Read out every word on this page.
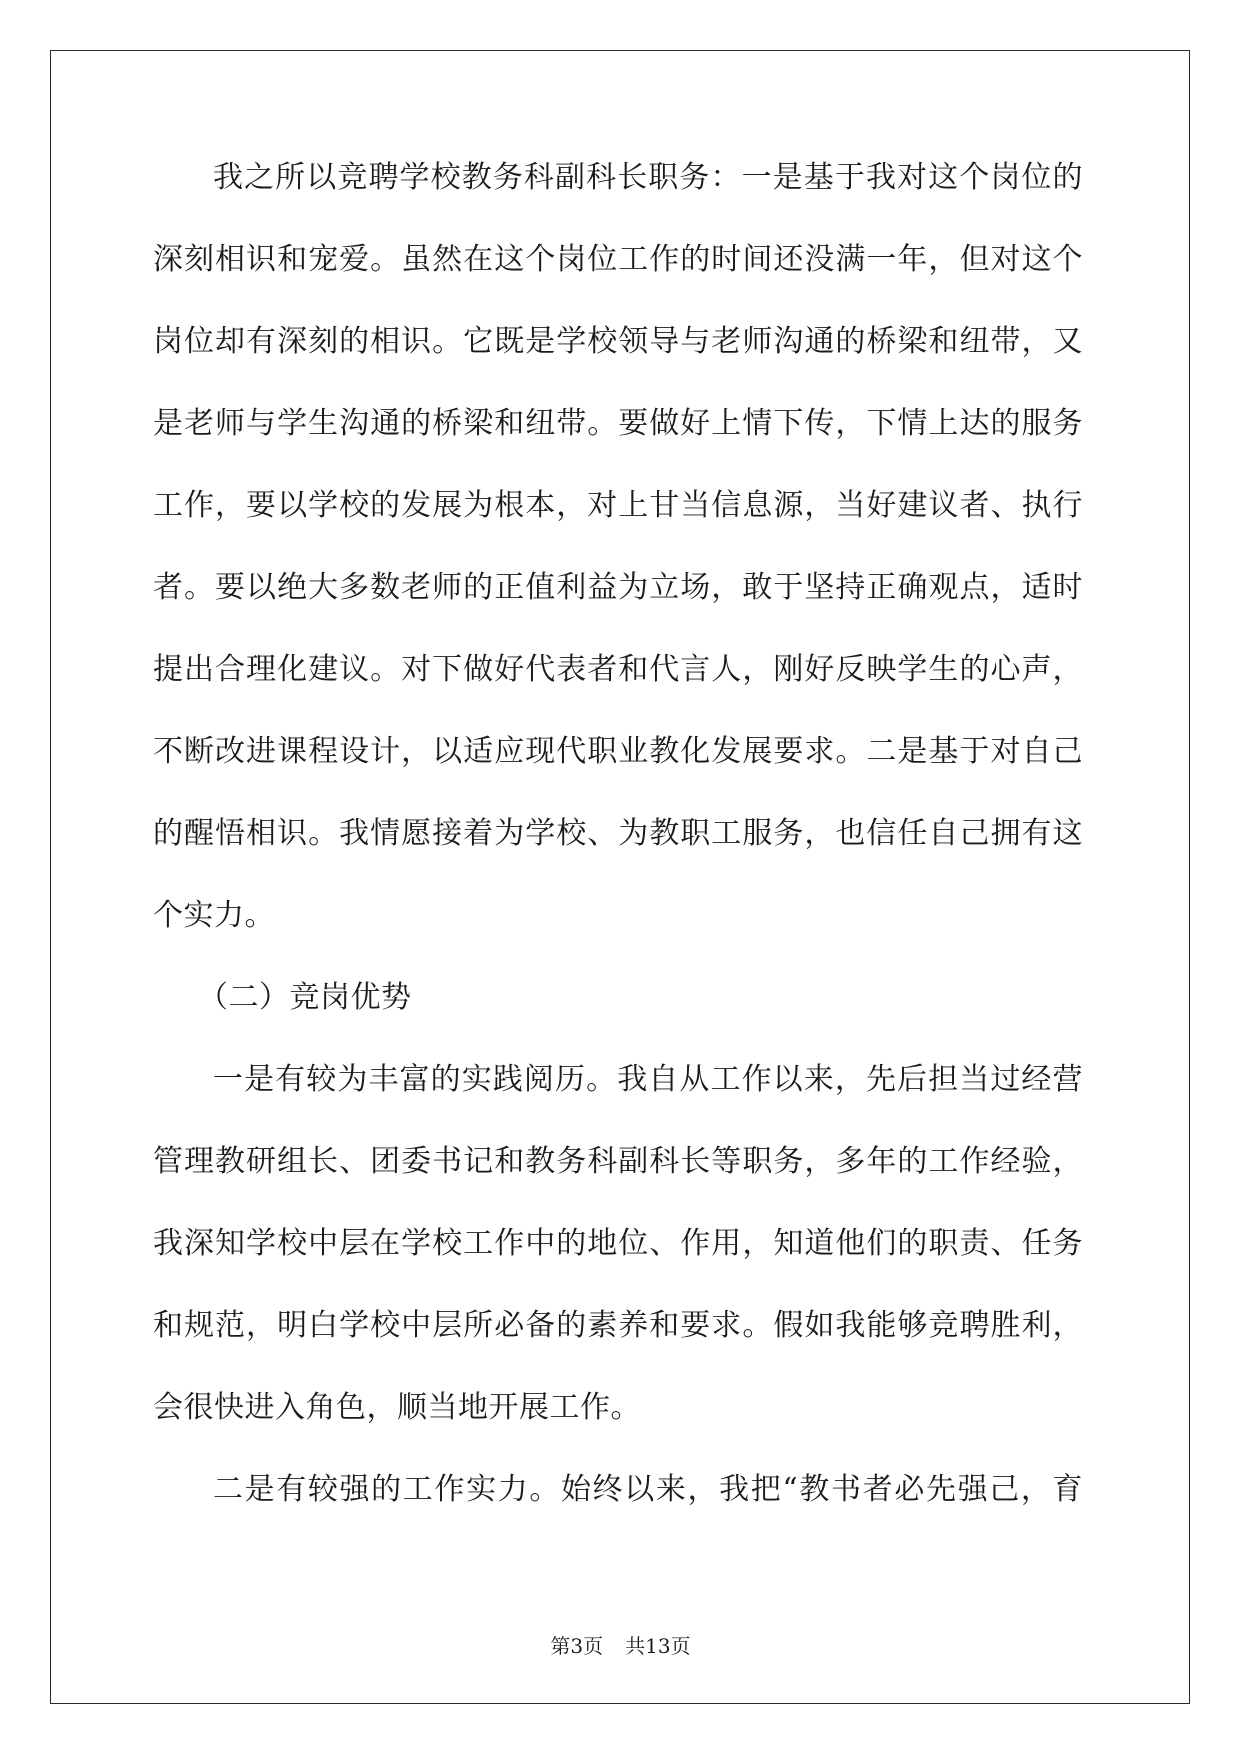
我之所以竞聘学校教务科副科长职务：一是基于我对这个岗位的
深刻相识和宠爱。虽然在这个岗位工作的时间还没满一年，但对这个
岗位却有深刻的相识。它既是学校领导与老师沟通的桥梁和纽带，又
是老师与学生沟通的桥梁和纽带。要做好上情下传，下情上达的服务
工作，要以学校的发展为根本，对上甘当信息源，当好建议者、执行
者。要以绝大多数老师的正值利益为立场，敢于坚持正确观点，适时
提出合理化建议。对下做好代表者和代言人，刚好反映学生的心声，
不断改进课程设计，以适应现代职业教化发展要求。二是基于对自己
的醒悟相识。我情愿接着为学校、为教职工服务，也信任自己拥有这
个实力。
（二）竞岗优势
一是有较为丰富的实践阅历。我自从工作以来，先后担当过经营
管理教研组长、团委书记和教务科副科长等职务，多年的工作经验，
我深知学校中层在学校工作中的地位、作用，知道他们的职责、任务
和规范，明白学校中层所必备的素养和要求。假如我能够竞聘胜利，
会很快进入角色，顺当地开展工作。
二是有较强的工作实力。始终以来，我把“教书者必先强己，育
第3页 共13页
